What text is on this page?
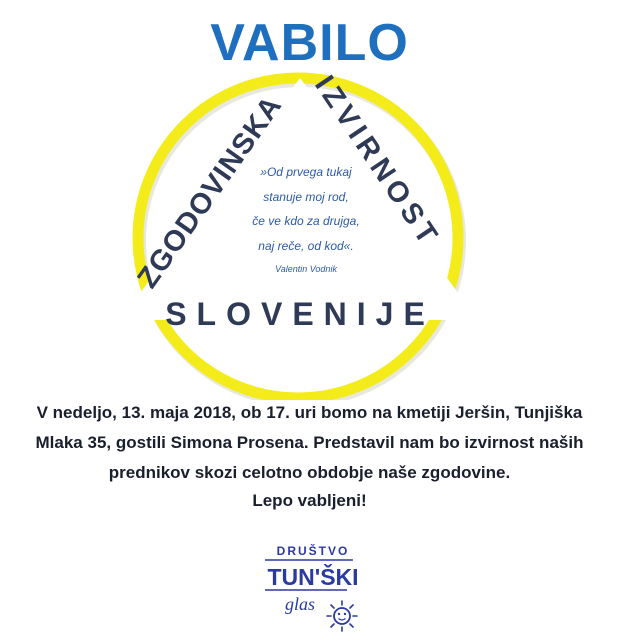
VABILO
ZGODOVINSKA
IZVIRNOST
SLOVENIJE
»Od prvega tukaj
stanuje moj rod,
če ve kdo za drujga,
naj reče, od kod«.
Valentin Vodnik

V nedeljo, 13. maja 2018, ob 17. uri bomo na kmetiji Jeršin, Tunjiška
Mlaka 35, gostili Simona Prosena. Predstavil nam bo izvirnost naših
prednikov skozi celotno obdobje naše zgodovine.

Lepo vabljeni!

DRUŠTVO
TUN'ŠKI
glas
